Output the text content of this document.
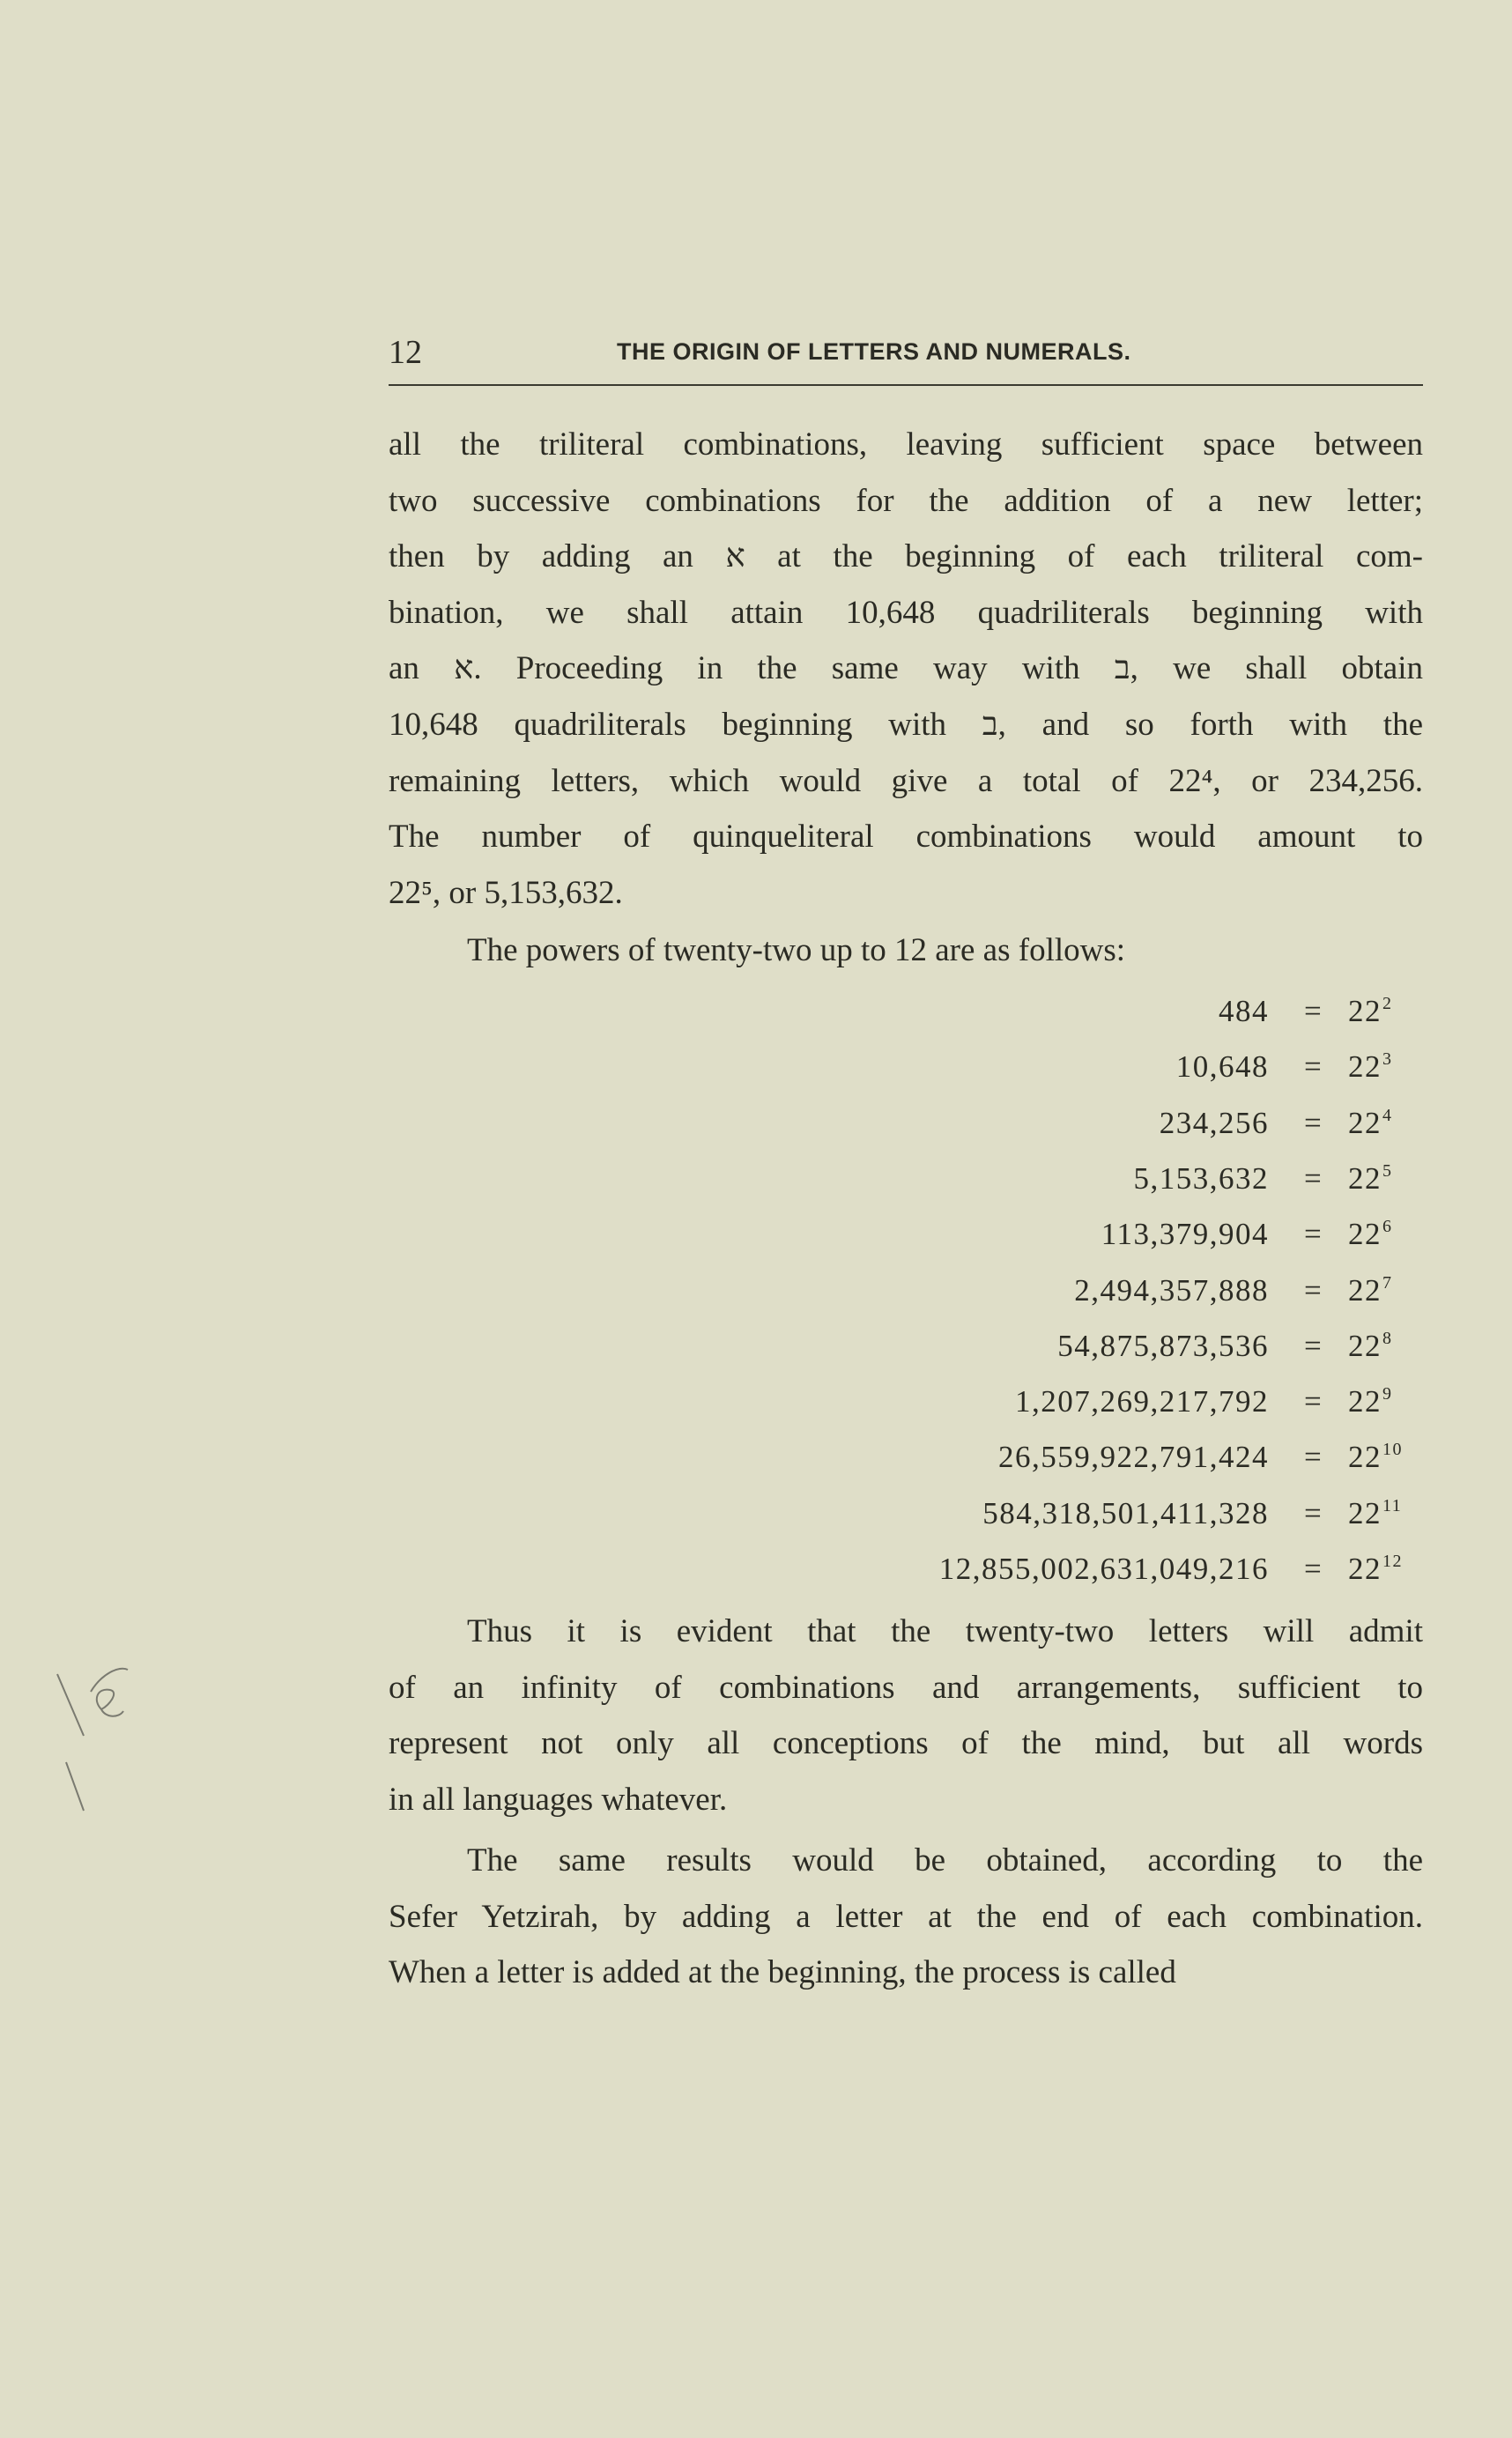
12	THE ORIGIN OF LETTERS AND NUMERALS.
all the triliteral combinations, leaving sufficient space between
two successive combinations for the addition of a new letter;
then by adding an א at the beginning of each triliteral com-
bination, we shall attain 10,648 quadriliterals beginning with
an א. Proceeding in the same way with ב, we shall obtain
10,648 quadriliterals beginning with ב, and so forth with the
remaining letters, which would give a total of 22⁴, or 234,256.
The number of quinqueliteral combinations would amount to
22⁵, or 5,153,632.
The powers of twenty-two up to 12 are as follows:
$484 = 22^2$
$10,648 = 22^3$
$234,256 = 22^4$
$5,153,632 = 22^5$
$113,379,904 = 22^6$
$2,494,357,888 = 22^7$
$54,875,873,536 = 22^8$
$1,207,269,217,792 = 22^9$
$26,559,922,791,424 = 22^{10}$
$584,318,501,411,328 = 22^{11}$
$12,855,002,631,049,216 = 22^{12}$
Thus it is evident that the twenty-two letters will admit
of an infinity of combinations and arrangements, sufficient to
represent not only all conceptions of the mind, but all words
in all languages whatever.
The same results would be obtained, according to the
Sefer Yetzirah, by adding a letter at the end of each combination.
When a letter is added at the beginning, the process is called
